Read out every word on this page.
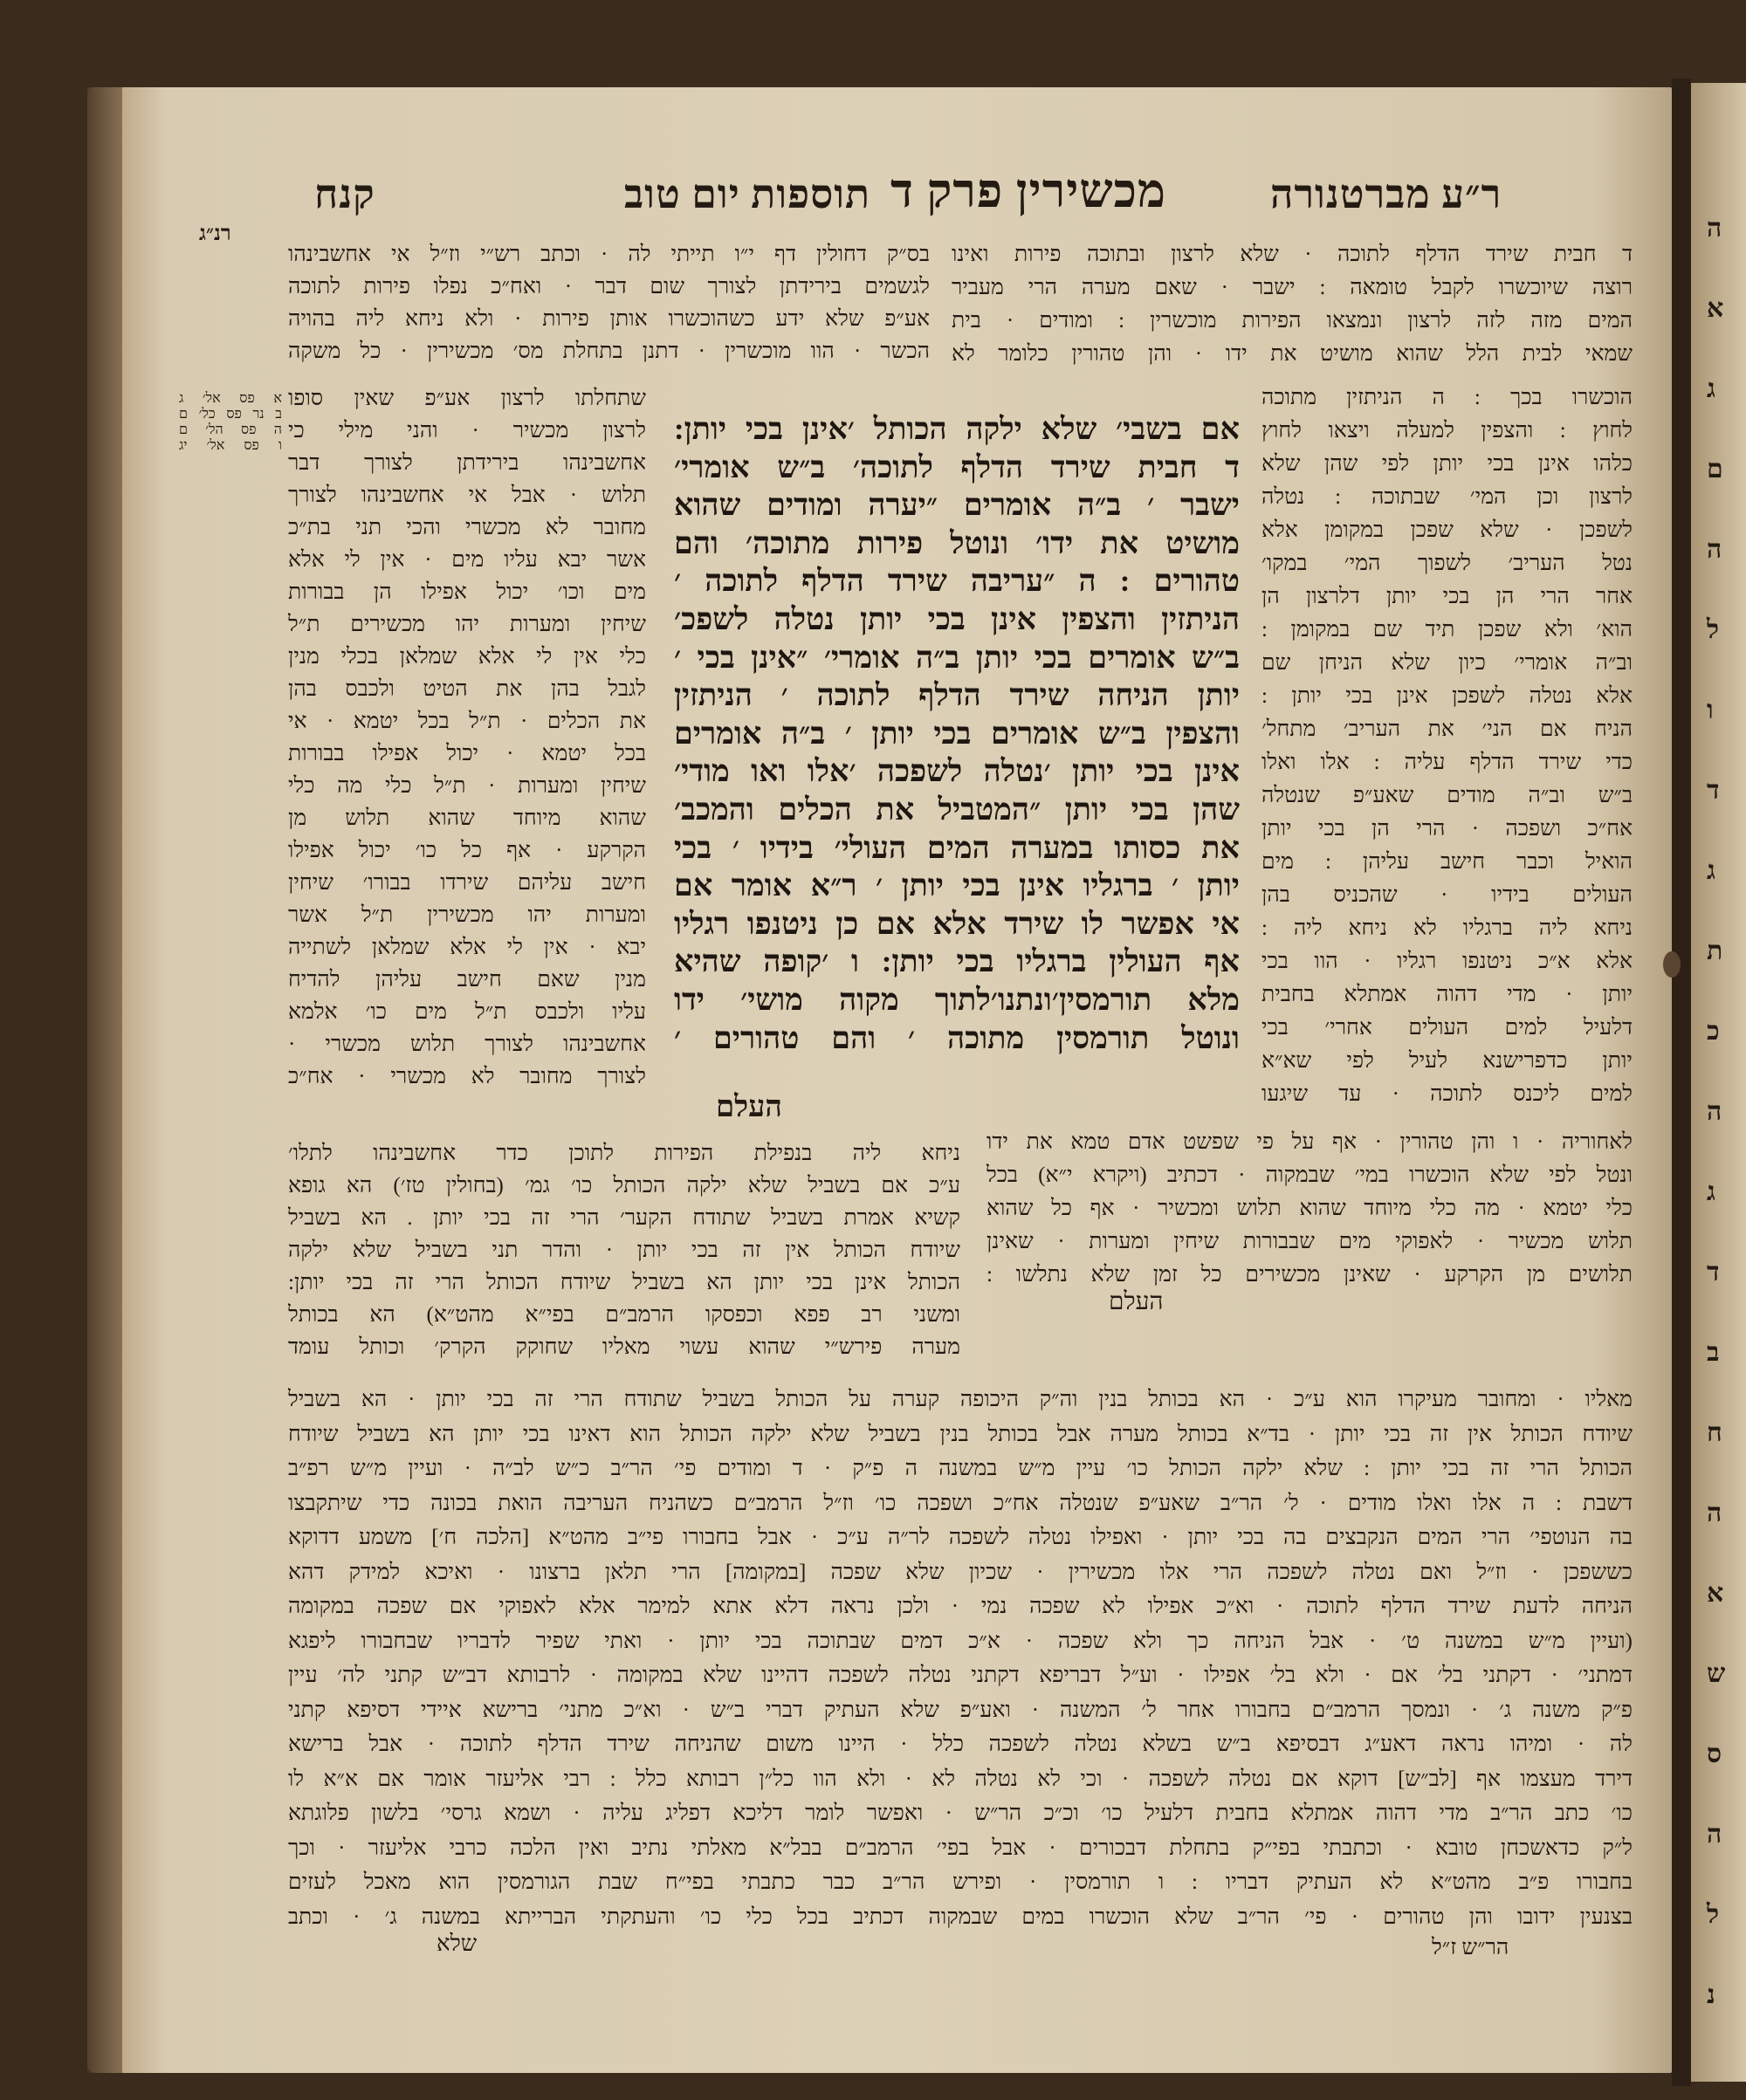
ה
א
ג
ם
ה
ל
ו
ד
ג
ת
כ
ה
ג
ד
ב
ח
ה
א
ש
ס
ה
ל
נ
ר״ע מברטנורה
מכשירין פרק ד
תוספות יום טוב
קנח
רנ״ג
א פס אל׳ ג
ב נר פס כל׳ ם
ה פס הל׳ ם
ו פס אל׳ יג
ד חבית שירד הדלף לתוכה · שלא לרצון ובתוכה פירות ואינו
רוצה שיוכשרו לקבל טומאה : ישבר · שאם מערה הרי מעביר
המים מזה לזה לרצון ונמצאו הפירות מוכשרין : ומודים · בית
שמאי לבית הלל שהוא מושיט את ידו · והן טהורין כלומר לא
הוכשרו בכך : ה הניתזין מתוכה
לחוץ : והצפין למעלה ויצאו לחוץ
כלהו אינן בכי יותן לפי שהן שלא
לרצון וכן המי׳ שבתוכה : נטלה
לשפכן · שלא שפכן במקומן אלא
נטל העריב׳ לשפוך המי׳ במקו׳
אחר הרי הן בכי יותן דלרצון הן
הוא׳ ולא שפכן תיד שם במקומן :
וב״ה אומרי׳ כיון שלא הניחן שם
אלא נטלה לשפכן אינן בכי יותן :
הניח אם הני׳ את העריב׳ מתחל׳
כדי שירד הדלף עליה : אלו ואלו
ב״ש וב״ה מודים שאע״פ שנטלה
אח״כ ושפכה · הרי הן בכי יותן
הואיל וכבר חישב עליהן : מים
העולים בידיו · שהכניס בהן
ניחא ליה ברגליו לא ניחא ליה :
אלא א״כ ניטנפו רגליו · הוו בכי
יותן · מדי דהוה אמתלא בחבית
דלעיל למים העולים אחרי׳ בכי
יותן כדפרישנא לעיל לפי שא״א
למים ליכנס לתוכה · עד שיגעו
לאחוריה · ו והן טהורין · אף על פי שפשט אדם טמא את ידו
ונטל לפי שלא הוכשרו במי׳ שבמקוה · דכתיב (ויקרא י״א) בכל
כלי יטמא · מה כלי מיוחד שהוא תלוש ומכשיר · אף כל שהוא
תלוש מכשיר · לאפוקי מים שבבורות שיחין ומערות · שאינן
תלושים מן הקרקע · שאינן מכשירים כל זמן שלא נתלשו :
העלם
בס״ק דחולין דף י״ו תייתי לה · וכתב רש״י וז״ל אי אחשבינהו
לגשמים בירידתן לצורך שום דבר · ואח״כ נפלו פירות לתוכה
אע״פ שלא ידע כשהוכשרו אותן פירות · ולא ניחא ליה בהויה
הכשר · הוו מוכשרין · דתנן בתחלת מס׳ מכשירין · כל משקה
שתחלתו לרצון אע״פ שאין סופו
לרצון מכשיר · והני מילי כי
אחשבינהו בירידתן לצורך דבר
תלוש · אבל אי אחשבינהו לצורך
מחובר לא מכשרי והכי תני בת״כ
אשר יבא עליו מים · אין לי אלא
מים וכו׳ יכול אפילו הן בבורות
שיחין ומערות יהו מכשירים ת״ל
כלי אין לי אלא שמלאן בכלי מנין
לגבל בהן את הטיט ולכבס בהן
את הכלים · ת״ל בכל יטמא · אי
בכל יטמא · יכול אפילו בבורות
שיחין ומערות · ת״ל כלי מה כלי
שהוא מיוחד שהוא תלוש מן
הקרקע · אף כל כו׳ יכול אפילו
חישב עליהם שירדו בבורו׳ שיחין
ומערות יהו מכשירין ת״ל אשר
יבא · אין לי אלא שמלאן לשתייה
מנין שאם חישב עליהן להדיח
עליו ולכבס ת״ל מים כו׳ אלמא
אחשבינהו לצורך תלוש מכשרי ·
לצורך מחובר לא מכשרי · אח״כ
ניחא ליה בנפילת הפירות לתוכן כדר אחשבינהו לתלו׳
ע״כ אם בשביל שלא ילקה הכותל כו׳ גמ׳ (בחולין טז׳) הא גופא
קשיא אמרת בשביל שתודח הקער׳ הרי זה בכי יותן . הא בשביל
שיודח הכותל אין זה בכי יותן · והדר תני בשביל שלא ילקה
הכותל אינן בכי יותן הא בשביל שיודח הכותל הרי זה בכי יותן:
ומשני רב פפא וכפסקו הרמב״ם בפי״א מהט״א) הא בכותל
מערה פירש״י שהוא עשוי מאליו שחוקק הקרק׳ וכותל עומד
מאליו · ומחובר מעיקרו הוא ע״כ · הא בכותל בנין וה״ק היכופה קערה על הכותל בשביל שתודח הרי זה בכי יותן · הא בשביל
שיודח הכותל אין זה בכי יותן · בד״א בכותל מערה אבל בכותל בנין בשביל שלא ילקה הכותל הוא דאינו בכי יותן הא בשביל שיודח
הכותל הרי זה בכי יותן : שלא ילקה הכותל כו׳ עיין מ״ש במשנה ה פ״ק · ד ומודים פי׳ הר״ב כ״ש לב״ה · ועיין מ״ש רפ״ב
דשבת : ה אלו ואלו מודים · ל׳ הר״ב שאע״פ שנטלה אח״כ ושפכה כו׳ וז״ל הרמב״ם כשהניח העריבה הואת בכונה כדי שיתקבצו
בה הנוטפי׳ הרי המים הנקבצים בה בכי יותן · ואפילו נטלה לשפכה לר״ה ע״כ · אבל בחבורו פי״ב מהט״א [הלכה ח׳] משמע דדוקא
כששפכן · וז״ל ואם נטלה לשפכה הרי אלו מכשירין · שכיון שלא שפכה [במקומה] הרי תלאן ברצונו · ואיכא למידק דהא
הניחה לדעת שירד הדלף לתוכה · וא״כ אפילו לא שפכה נמי · ולכן נראה דלא אתא למימר אלא לאפוקי אם שפכה במקומה
(ועיין מ״ש במשנה ט׳ · אבל הניחה כך ולא שפכה · א״כ דמים שבתוכה בכי יותן · ואתי שפיר לדבריו שבחבורו ליפגא
דמתני׳ · דקתני בל׳ אם · ולא בל׳ אפילו · וע״ל דבריפא דקתני נטלה לשפכה דהיינו שלא במקומה · לרבותא דב״ש קתני לה׳ עיין
פ״ק משנה ג׳ · ונמסך הרמב״ם בחבורו אחר ל׳ המשנה · ואע״פ שלא העתיק דברי ב״ש · וא״כ מתני׳ ברישא איידי דסיפא קתני
לה · ומיהו נראה דאע״ג דבסיפא ב״ש בשלא נטלה לשפכה כלל · היינו משום שהניחה שירד הדלף לתוכה · אבל ברישא
דירד מעצמו אף [לב״ש] דוקא אם נטלה לשפכה · וכי לא נטלה לא · ולא הוו כל״ן רבותא כלל : רבי אליעזר אומר אם א״א לו
כו׳ כתב הר״ב מדי דהוה אמתלא בחבית דלעיל כו׳ וכ״כ הר״ש · ואפשר לומר דליכא דפליג עליה · ושמא גרסי׳ בלשון פלוגתא
ל״ק כדאשכחן טובא · וכתבתי בפי״ק בתחלת דבכורים · אבל בפי׳ הרמב״ם בבל״א מאלתי נתיב ואין הלכה כרבי אליעזר · וכך
בחבורו פ״ב מהט״א לא העתיק דבריו : ו תורמסין · ופירש הר״ב כבר כתבתי בפי״ח שבת הגורמסין הוא מאכל לעזים
בצנעין ידובו והן טהורים · פי׳ הר״ב שלא הוכשרו במים שבמקוה דכתיב בכל כלי כו׳ והעתקתי הברייתא במשנה ג׳ · וכתב
הר״ש ז״ל
שלא
אם בשבי׳ שלא ילקה הכותל ׳אינן בכי יותן:
ד חבית שירד הדלף לתוכה׳ ב״ש אומרי׳
ישבר ׳ ב״ה אומרים ״יערה ומודים שהוא
מושיט את ידו׳ ונוטל פירות מתוכה׳ והם
טהורים : ה ״עריבה שירד הדלף לתוכה ׳
הניתזין והצפין אינן בכי יותן נטלה לשפכ׳
ב״ש אומרים בכי יותן ב״ה אומרי׳ ״אינן בכי ׳
יותן הניחה שירד הדלף לתוכה ׳ הניתזין
והצפין ב״ש אומרים בכי יותן ׳ ב״ה אומרים
אינן בכי יותן ׳נטלה לשפכה ׳אלו ואו מודי׳
שהן בכי יותן ״המטביל את הכלים והמכב׳
את כסותו במערה המים העולי׳ בידיו ׳ בכי
יותן ׳ ברגליו אינן בכי יותן ׳ ר״א אומר אם
אי אפשר לו שירד אלא אם כן ניטנפו רגליו
אף העולין ברגליו בכי יותן: ו ׳קופה שהיא
מלא תורמסין׳ונתנו׳לתוך מקוה מושי׳ ידו
ונוטל תורמסין מתוכה ׳ והם טהורים ׳
העלם
